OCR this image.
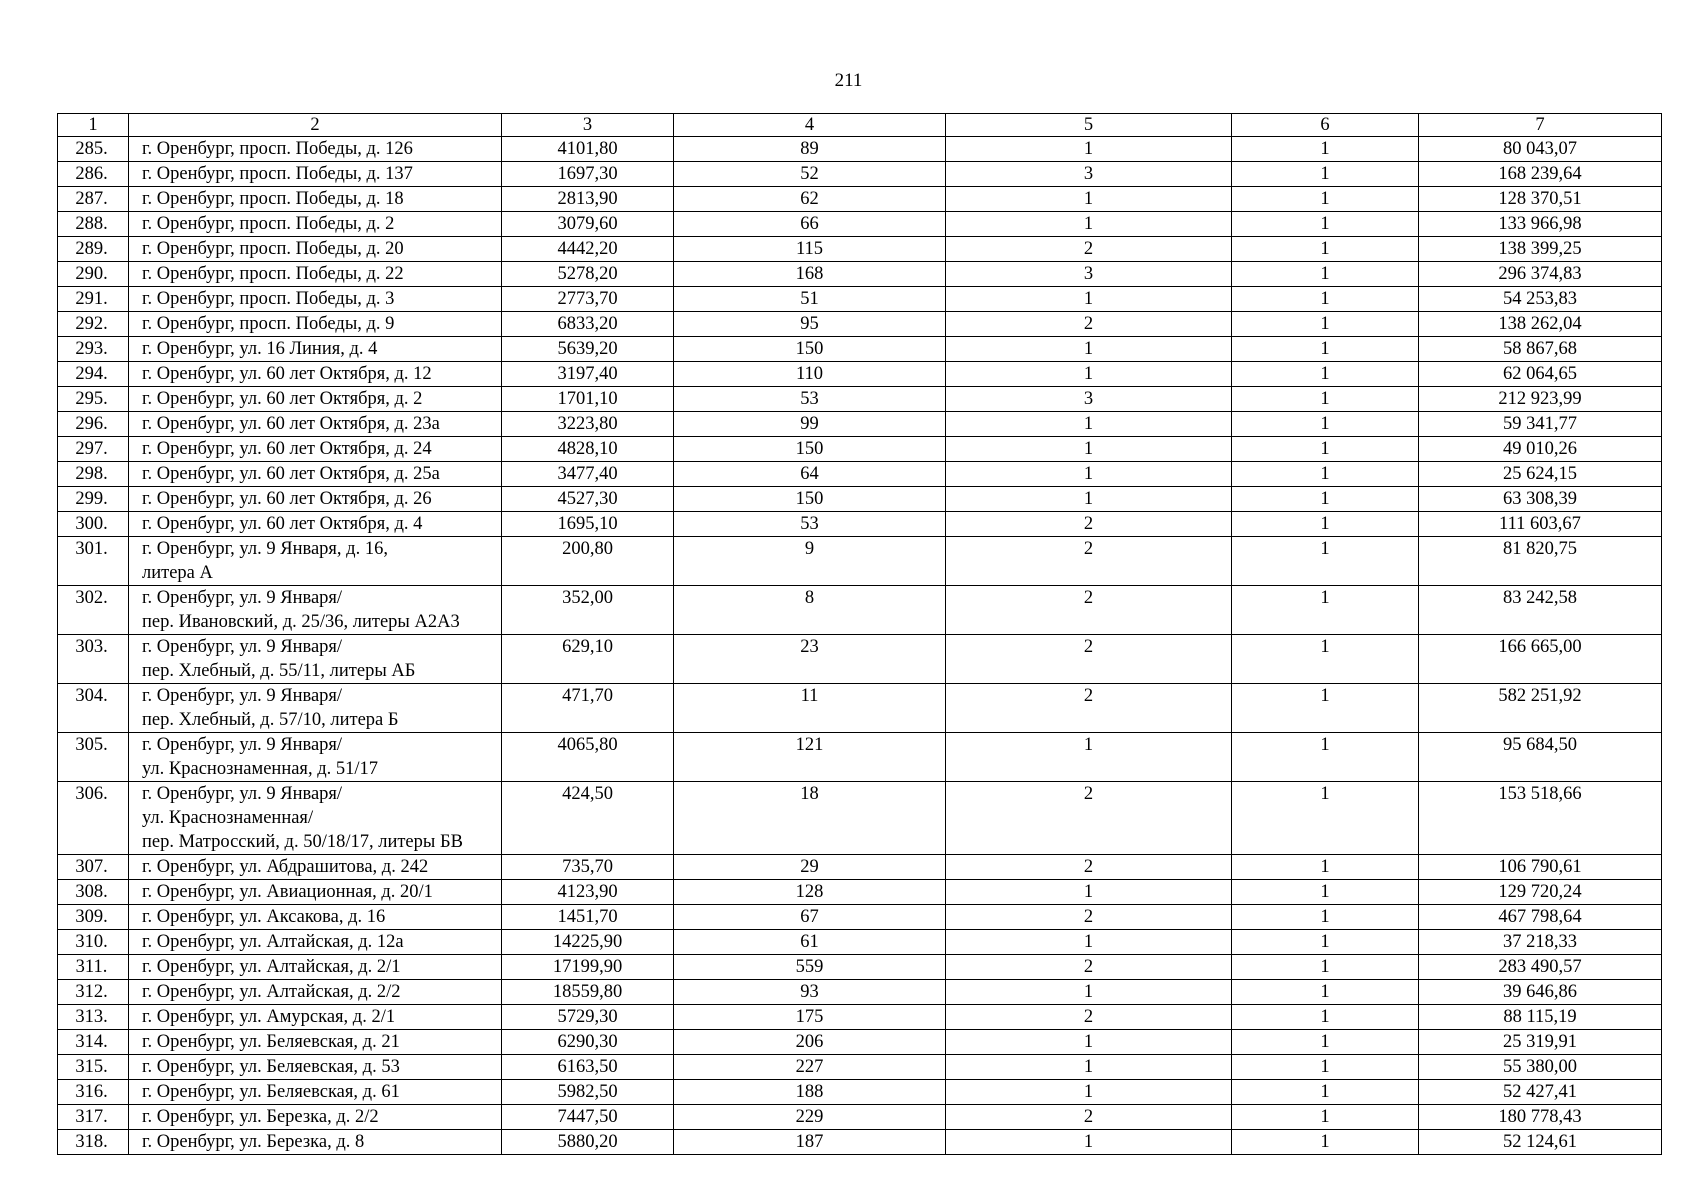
211
1	2	3	4	5	6	7
285.	г. Оренбург, просп. Победы, д. 126	4101,80	89	1	1	80 043,07
286.	г. Оренбург, просп. Победы, д. 137	1697,30	52	3	1	168 239,64
287.	г. Оренбург, просп. Победы, д. 18	2813,90	62	1	1	128 370,51
288.	г. Оренбург, просп. Победы, д. 2	3079,60	66	1	1	133 966,98
289.	г. Оренбург, просп. Победы, д. 20	4442,20	115	2	1	138 399,25
290.	г. Оренбург, просп. Победы, д. 22	5278,20	168	3	1	296 374,83
291.	г. Оренбург, просп. Победы, д. 3	2773,70	51	1	1	54 253,83
292.	г. Оренбург, просп. Победы, д. 9	6833,20	95	2	1	138 262,04
293.	г. Оренбург, ул. 16 Линия, д. 4	5639,20	150	1	1	58 867,68
294.	г. Оренбург, ул. 60 лет Октября, д. 12	3197,40	110	1	1	62 064,65
295.	г. Оренбург, ул. 60 лет Октября, д. 2	1701,10	53	3	1	212 923,99
296.	г. Оренбург, ул. 60 лет Октября, д. 23а	3223,80	99	1	1	59 341,77
297.	г. Оренбург, ул. 60 лет Октября, д. 24	4828,10	150	1	1	49 010,26
298.	г. Оренбург, ул. 60 лет Октября, д. 25а	3477,40	64	1	1	25 624,15
299.	г. Оренбург, ул. 60 лет Октября, д. 26	4527,30	150	1	1	63 308,39
300.	г. Оренбург, ул. 60 лет Октября, д. 4	1695,10	53	2	1	111 603,67
301.	г. Оренбург, ул. 9 Января, д. 16,
литера А	200,80	9	2	1	81 820,75
302.	г. Оренбург, ул. 9 Января/
пер. Ивановский, д. 25/36, литеры А2А3	352,00	8	2	1	83 242,58
303.	г. Оренбург, ул. 9 Января/
пер. Хлебный, д. 55/11, литеры АБ	629,10	23	2	1	166 665,00
304.	г. Оренбург, ул. 9 Января/
пер. Хлебный, д. 57/10, литера Б	471,70	11	2	1	582 251,92
305.	г. Оренбург, ул. 9 Января/
ул. Краснознаменная, д. 51/17	4065,80	121	1	1	95 684,50
306.	г. Оренбург, ул. 9 Января/
ул. Краснознаменная/
пер. Матросский, д. 50/18/17, литеры БВ	424,50	18	2	1	153 518,66
307.	г. Оренбург, ул. Абдрашитова, д. 242	735,70	29	2	1	106 790,61
308.	г. Оренбург, ул. Авиационная, д. 20/1	4123,90	128	1	1	129 720,24
309.	г. Оренбург, ул. Аксакова, д. 16	1451,70	67	2	1	467 798,64
310.	г. Оренбург, ул. Алтайская, д. 12а	14225,90	61	1	1	37 218,33
311.	г. Оренбург, ул. Алтайская, д. 2/1	17199,90	559	2	1	283 490,57
312.	г. Оренбург, ул. Алтайская, д. 2/2	18559,80	93	1	1	39 646,86
313.	г. Оренбург, ул. Амурская, д. 2/1	5729,30	175	2	1	88 115,19
314.	г. Оренбург, ул. Беляевская, д. 21	6290,30	206	1	1	25 319,91
315.	г. Оренбург, ул. Беляевская, д. 53	6163,50	227	1	1	55 380,00
316.	г. Оренбург, ул. Беляевская, д. 61	5982,50	188	1	1	52 427,41
317.	г. Оренбург, ул. Березка, д. 2/2	7447,50	229	2	1	180 778,43
318.	г. Оренбург, ул. Березка, д. 8	5880,20	187	1	1	52 124,61
